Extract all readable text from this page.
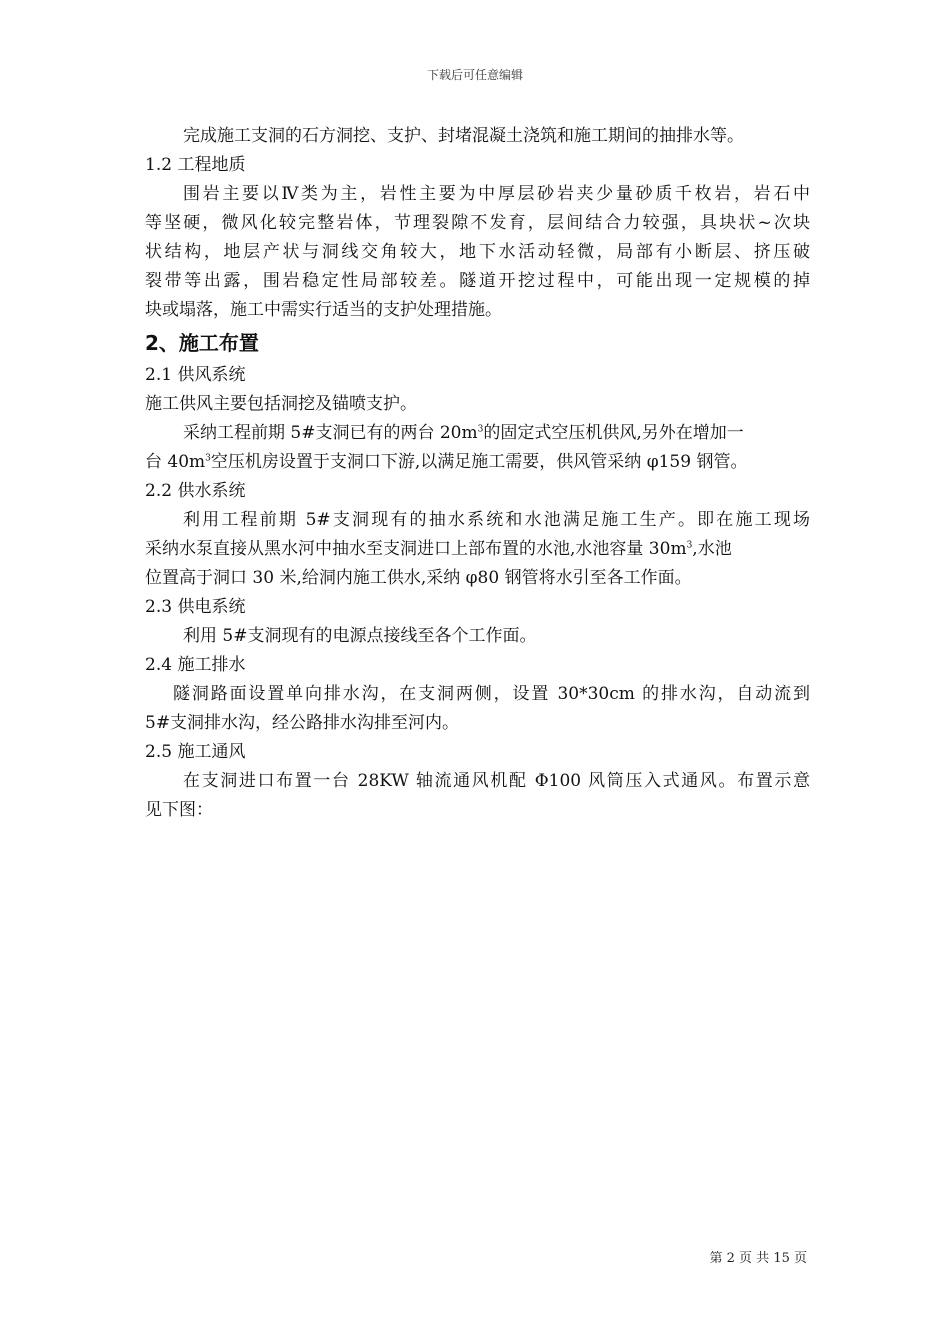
下载后可任意编辑
完成施工支洞的石方洞挖、支护、封堵混凝土浇筑和施工期间的抽排水等。
1.2 工程地质
围岩主要以Ⅳ类为主，岩性主要为中厚层砂岩夹少量砂质千枚岩，岩石中
等坚硬，微风化较完整岩体，节理裂隙不发育，层间结合力较强，具块状~次块
状结构，地层产状与洞线交角较大，地下水活动轻微，局部有小断层、挤压破
裂带等出露，围岩稳定性局部较差。隧道开挖过程中，可能出现一定规模的掉
块或塌落，施工中需实行适当的支护处理措施。
2、施工布置
2.1 供风系统
施工供风主要包括洞挖及锚喷支护。
采纳工程前期 5#支洞已有的两台 $20m^3$的固定式空压机供风,另外在增加一
台 $40m^3$空压机房设置于支洞口下游,以满足施工需要，供风管采纳 φ159 钢管。
2.2 供水系统
利用工程前期 5#支洞现有的抽水系统和水池满足施工生产。即在施工现场
采纳水泵直接从黑水河中抽水至支洞进口上部布置的水池,水池容量 $30m^3$,水池
位置高于洞口 30 米,给洞内施工供水,采纳 φ80 钢管将水引至各工作面。
2.3 供电系统
利用 5#支洞现有的电源点接线至各个工作面。
2.4 施工排水
隧洞路面设置单向排水沟，在支洞两侧，设置 30*30cm 的排水沟，自动流到
5#支洞排水沟，经公路排水沟排至河内。
2.5 施工通风
在支洞进口布置一台 28KW 轴流通风机配 Φ100 风筒压入式通风。布置示意
见下图：
第 2 页 共 15 页
